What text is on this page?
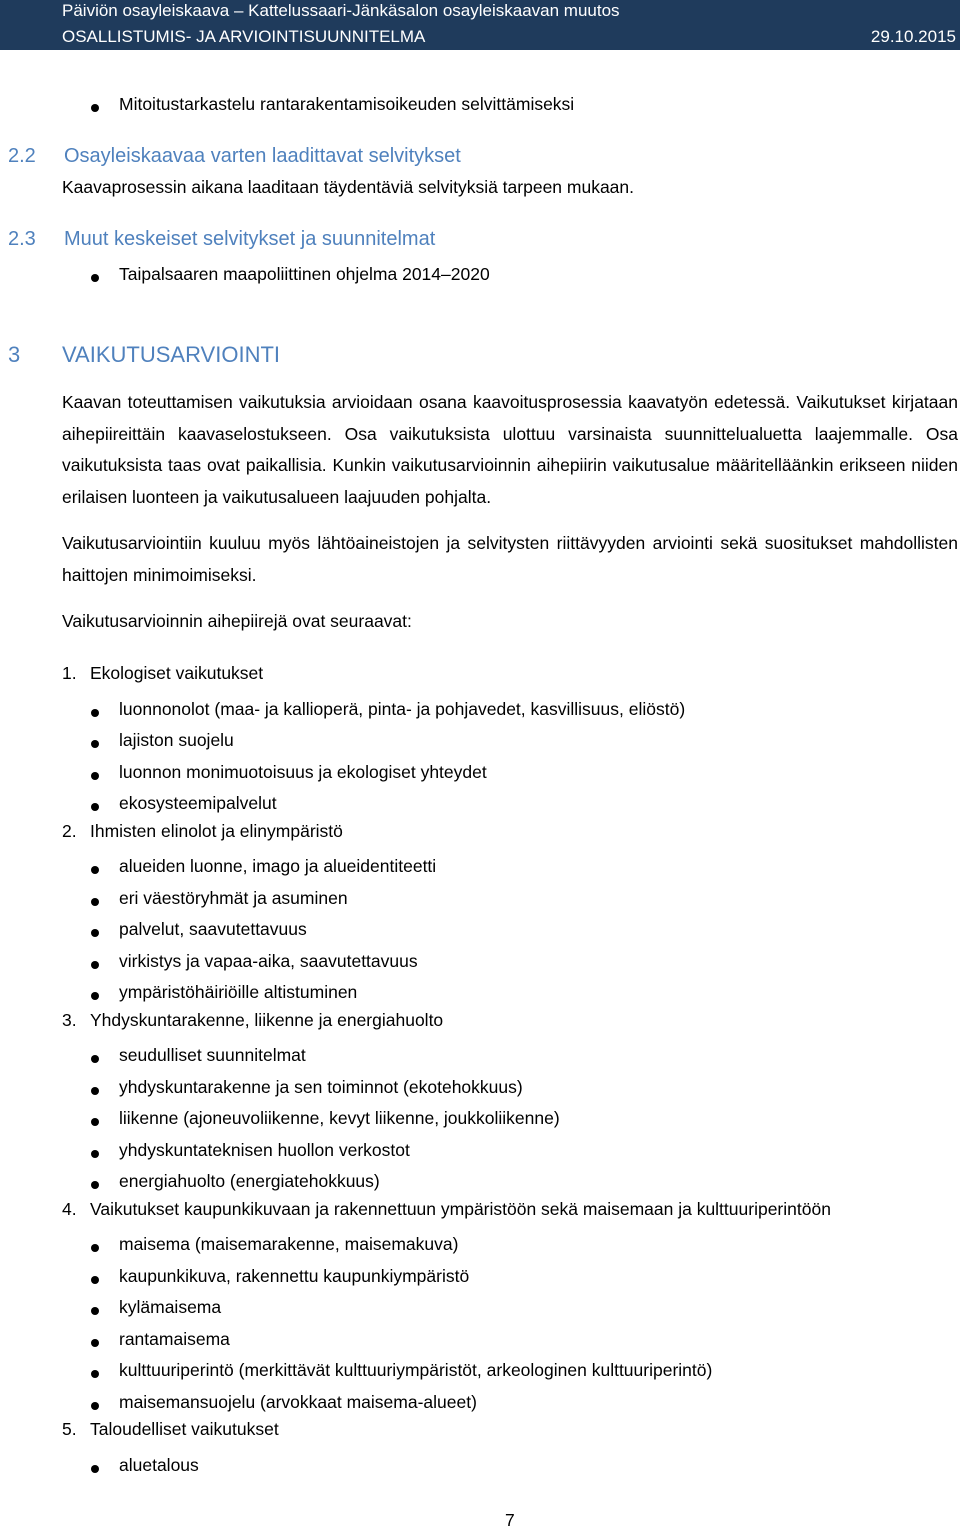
Päiviön osayleiskaava – Kattelussaari-Jänkäsalon osayleiskaavan muutos
OSALLISTUMIS- JA ARVIOINTISUUNNITELMA	29.10.2015
Mitoitustarkastelu rantarakentamisoikeuden selvittämiseksi
2.2 Osayleiskaavaa varten laadittavat selvitykset
Kaavaprosessin aikana laaditaan täydentäviä selvityksiä tarpeen mukaan.
2.3 Muut keskeiset selvitykset ja suunnitelmat
Taipalsaaren maapoliittinen ohjelma 2014–2020
3 VAIKUTUSARVIOINTI
Kaavan toteuttamisen vaikutuksia arvioidaan osana kaavoitusprosessia kaavatyön edetessä. Vaikutukset kirjataan aihepiireittäin kaavaselostukseen. Osa vaikutuksista ulottuu varsinaista suunnittelualuetta laajemmalle. Osa vaikutuksista taas ovat paikallisia. Kunkin vaikutusarvioinnin aihepiirin vaikutusalue määritelläänkin erikseen niiden erilaisen luonteen ja vaikutusalueen laajuuden pohjalta.
Vaikutusarviointiin kuuluu myös lähtöaineistojen ja selvitysten riittävyyden arviointi sekä suositukset mahdollisten haittojen minimoimiseksi.
Vaikutusarvioinnin aihepiirejä ovat seuraavat:
1. Ekologiset vaikutukset
luonnonolot (maa- ja kallioperä, pinta- ja pohjavedet, kasvillisuus, eliöstö)
lajiston suojelu
luonnon monimuotoisuus ja ekologiset yhteydet
ekosysteemipalvelut
2. Ihmisten elinolot ja elinympäristö
alueiden luonne, imago ja alueidentiteetti
eri väestöryhmät ja asuminen
palvelut, saavutettavuus
virkistys ja vapaa-aika, saavutettavuus
ympäristöhäiriöille altistuminen
3. Yhdyskuntarakenne, liikenne ja energiahuolto
seudulliset suunnitelmat
yhdyskuntarakenne ja sen toiminnot (ekotehokkuus)
liikenne (ajoneuvoliikenne, kevyt liikenne, joukkoliikenne)
yhdyskuntateknisen huollon verkostot
energiahuolto (energiatehokkuus)
4. Vaikutukset kaupunkikuvaan ja rakennettuun ympäristöön sekä maisemaan ja kulttuuriperintöön
maisema (maisemarakenne, maisemakuva)
kaupunkikuva, rakennettu kaupunkiympäristö
kylämaisema
rantamaisema
kulttuuriperintö (merkittävät kulttuuriympäristöt, arkeologinen kulttuuriperintö)
maisemansuojelu (arvokkaat maisema-alueet)
5. Taloudelliset vaikutukset
aluetalous
7
